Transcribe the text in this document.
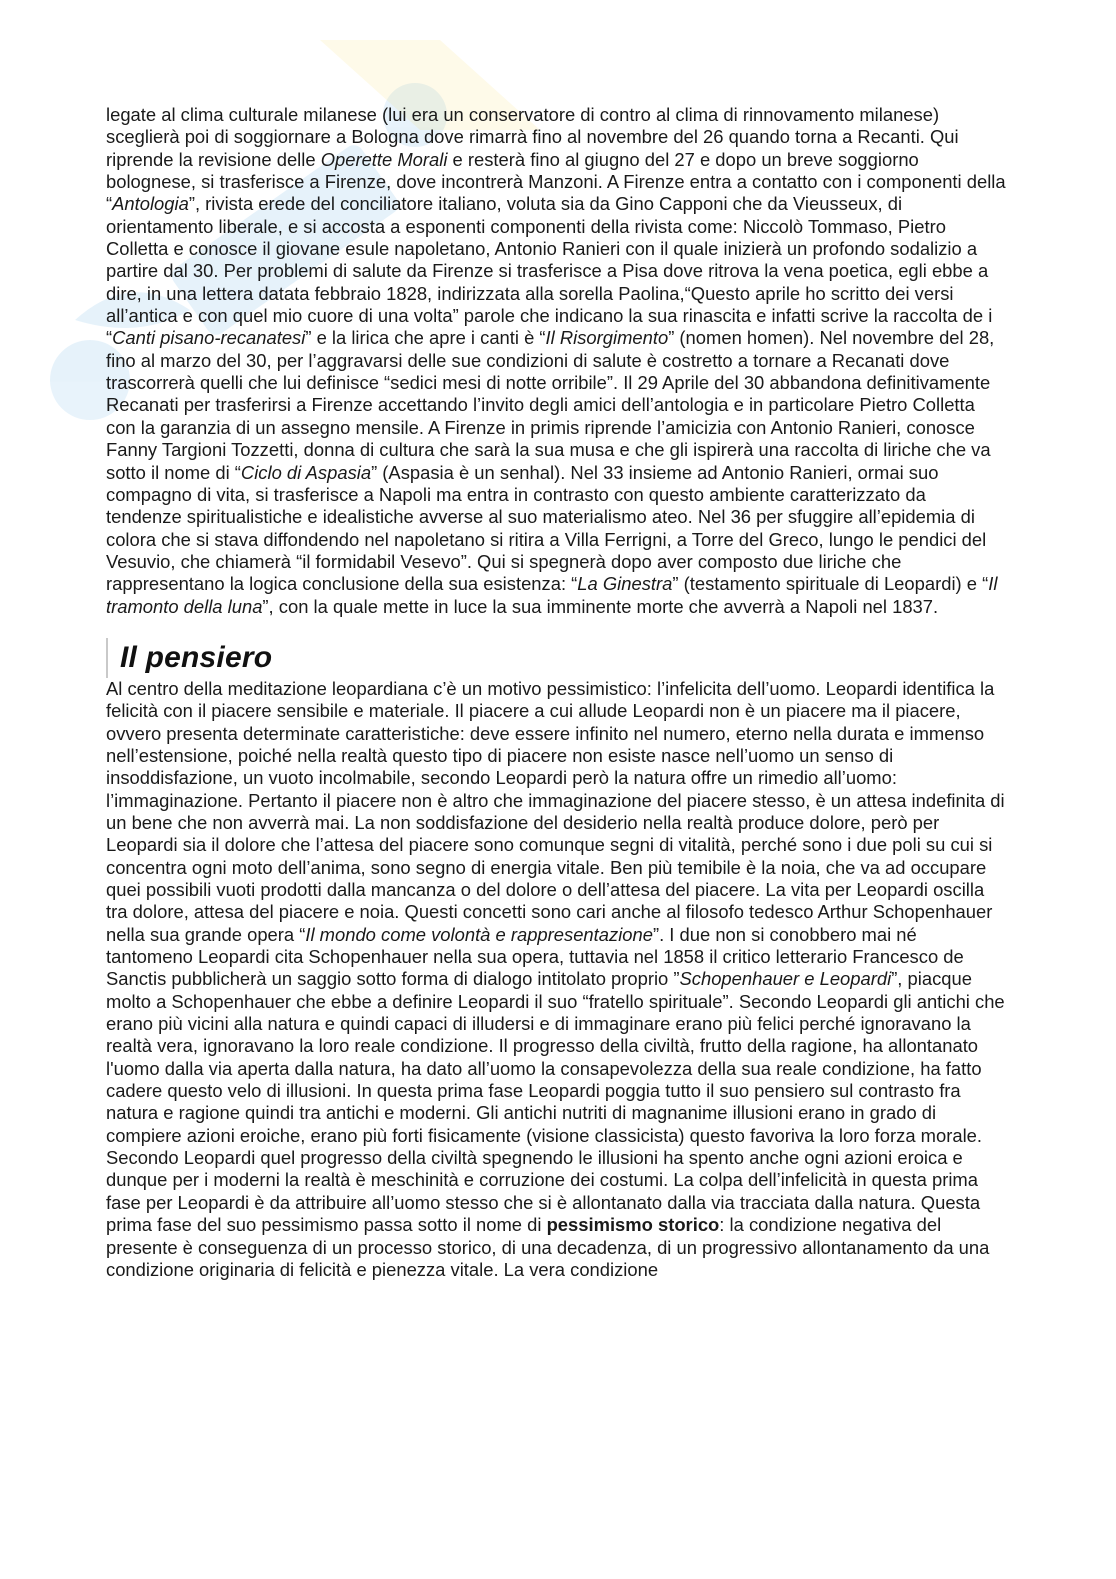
legate al clima culturale milanese (lui era un conservatore di contro al clima di rinnovamento milanese) sceglierà poi di soggiornare a Bologna dove rimarrà fino al novembre del 26 quando torna a Recanti. Qui riprende la revisione delle Operette Morali e resterà fino al giugno del 27 e dopo un breve soggiorno bolognese, si trasferisce a Firenze, dove incontrerà Manzoni. A Firenze entra a contatto con i componenti della “Antologia”, rivista erede del conciliatore italiano, voluta sia da Gino Capponi che da Vieusseux, di orientamento liberale, e si accosta a esponenti componenti della rivista come: Niccolò Tommaso, Pietro Colletta e conosce il giovane esule napoletano, Antonio Ranieri con il quale inizierà un profondo sodalizio a partire dal 30. Per problemi di salute da Firenze si trasferisce a Pisa dove ritrova la vena poetica, egli ebbe a dire, in una lettera datata febbraio 1828, indirizzata alla sorella Paolina,“Questo aprile ho scritto dei versi all’antica e con quel mio cuore di una volta” parole che indicano la sua rinascita e infatti scrive la raccolta de i “Canti pisano-recanatesi” e la lirica che apre i canti è “Il Risorgimento” (nomen homen). Nel novembre del 28, fino al marzo del 30, per l’aggravarsi delle sue condizioni di salute è costretto a tornare a Recanati dove trascorrerà quelli che lui definisce “sedici mesi di notte orribile”. Il 29 Aprile del 30 abbandona definitivamente Recanati per trasferirsi a Firenze accettando l’invito degli amici dell’antologia e in particolare Pietro Colletta con la garanzia di un assegno mensile. A Firenze in primis riprende l’amicizia con Antonio Ranieri, conosce Fanny Targioni Tozzetti, donna di cultura che sarà la sua musa e che gli ispirerà una raccolta di liriche che va sotto il nome di “Ciclo di Aspasia” (Aspasia è un senhal). Nel 33 insieme ad Antonio Ranieri, ormai suo compagno di vita, si trasferisce a Napoli ma entra in contrasto con questo ambiente caratterizzato da tendenze spiritualistiche e idealistiche avverse al suo materialismo ateo. Nel 36 per sfuggire all’epidemia di colora che si stava diffondendo nel napoletano si ritira a Villa Ferrigni, a Torre del Greco, lungo le pendici del Vesuvio, che chiamerà “il formidabil Vesevo”. Qui si spegnerà dopo aver composto due liriche che rappresentano la logica conclusione della sua esistenza: “La Ginestra” (testamento spirituale di Leopardi) e “Il tramonto della luna”, con la quale mette in luce la sua imminente morte che avverrà a Napoli nel 1837.

Il pensiero

Al centro della meditazione leopardiana c’è un motivo pessimistico: l’infelicita dell’uomo. Leopardi identifica la felicità con il piacere sensibile e materiale. Il piacere a cui allude Leopardi non è un piacere ma il piacere, ovvero presenta determinate caratteristiche: deve essere infinito nel numero, eterno nella durata e immenso nell’estensione, poiché nella realtà questo tipo di piacere non esiste nasce nell’uomo un senso di insoddisfazione, un vuoto incolmabile, secondo Leopardi però la natura offre un rimedio all’uomo: l’immaginazione. Pertanto il piacere non è altro che immaginazione del piacere stesso, è un attesa indefinita di un bene che non avverrà mai. La non soddisfazione del desiderio nella realtà produce dolore, però per Leopardi sia il dolore che l’attesa del piacere sono comunque segni di vitalità, perché sono i due poli su cui si concentra ogni moto dell’anima, sono segno di energia vitale. Ben più temibile è la noia, che va ad occupare quei possibili vuoti prodotti dalla mancanza o del dolore o dell’attesa del piacere. La vita per Leopardi oscilla tra dolore, attesa del piacere e noia. Questi concetti sono cari anche al filosofo tedesco Arthur Schopenhauer nella sua grande opera “Il mondo come volontà e rappresentazione”. I due non si conobbero mai né tantomeno Leopardi cita Schopenhauer nella sua opera, tuttavia nel 1858 il critico letterario Francesco de Sanctis pubblicherà un saggio sotto forma di dialogo intitolato proprio ”Schopenhauer e Leopardi”, piacque molto a Schopenhauer che ebbe a definire Leopardi il suo “fratello spirituale”. Secondo Leopardi gli antichi che erano più vicini alla natura e quindi capaci di illudersi e di immaginare erano più felici perché ignoravano la realtà vera, ignoravano la loro reale condizione. Il progresso della civiltà, frutto della ragione, ha allontanato l'uomo dalla via aperta dalla natura, ha dato all’uomo la consapevolezza della sua reale condizione, ha fatto cadere questo velo di illusioni. In questa prima fase Leopardi poggia tutto il suo pensiero sul contrasto fra natura e ragione quindi tra antichi e moderni. Gli antichi nutriti di magnanime illusioni erano in grado di compiere azioni eroiche, erano più forti fisicamente (visione classicista) questo favoriva la loro forza morale. Secondo Leopardi quel progresso della civiltà spegnendo le illusioni ha spento anche ogni azioni eroica e dunque per i moderni la realtà è meschinità e corruzione dei costumi. La colpa dell’infelicità in questa prima fase per Leopardi è da attribuire all’uomo stesso che si è allontanato dalla via tracciata dalla natura. Questa prima fase del suo pessimismo passa sotto il nome di pessimismo storico: la condizione negativa del presente è conseguenza di un processo storico, di una decadenza, di un progressivo allontanamento da una condizione originaria di felicità e pienezza vitale. La vera condizione
